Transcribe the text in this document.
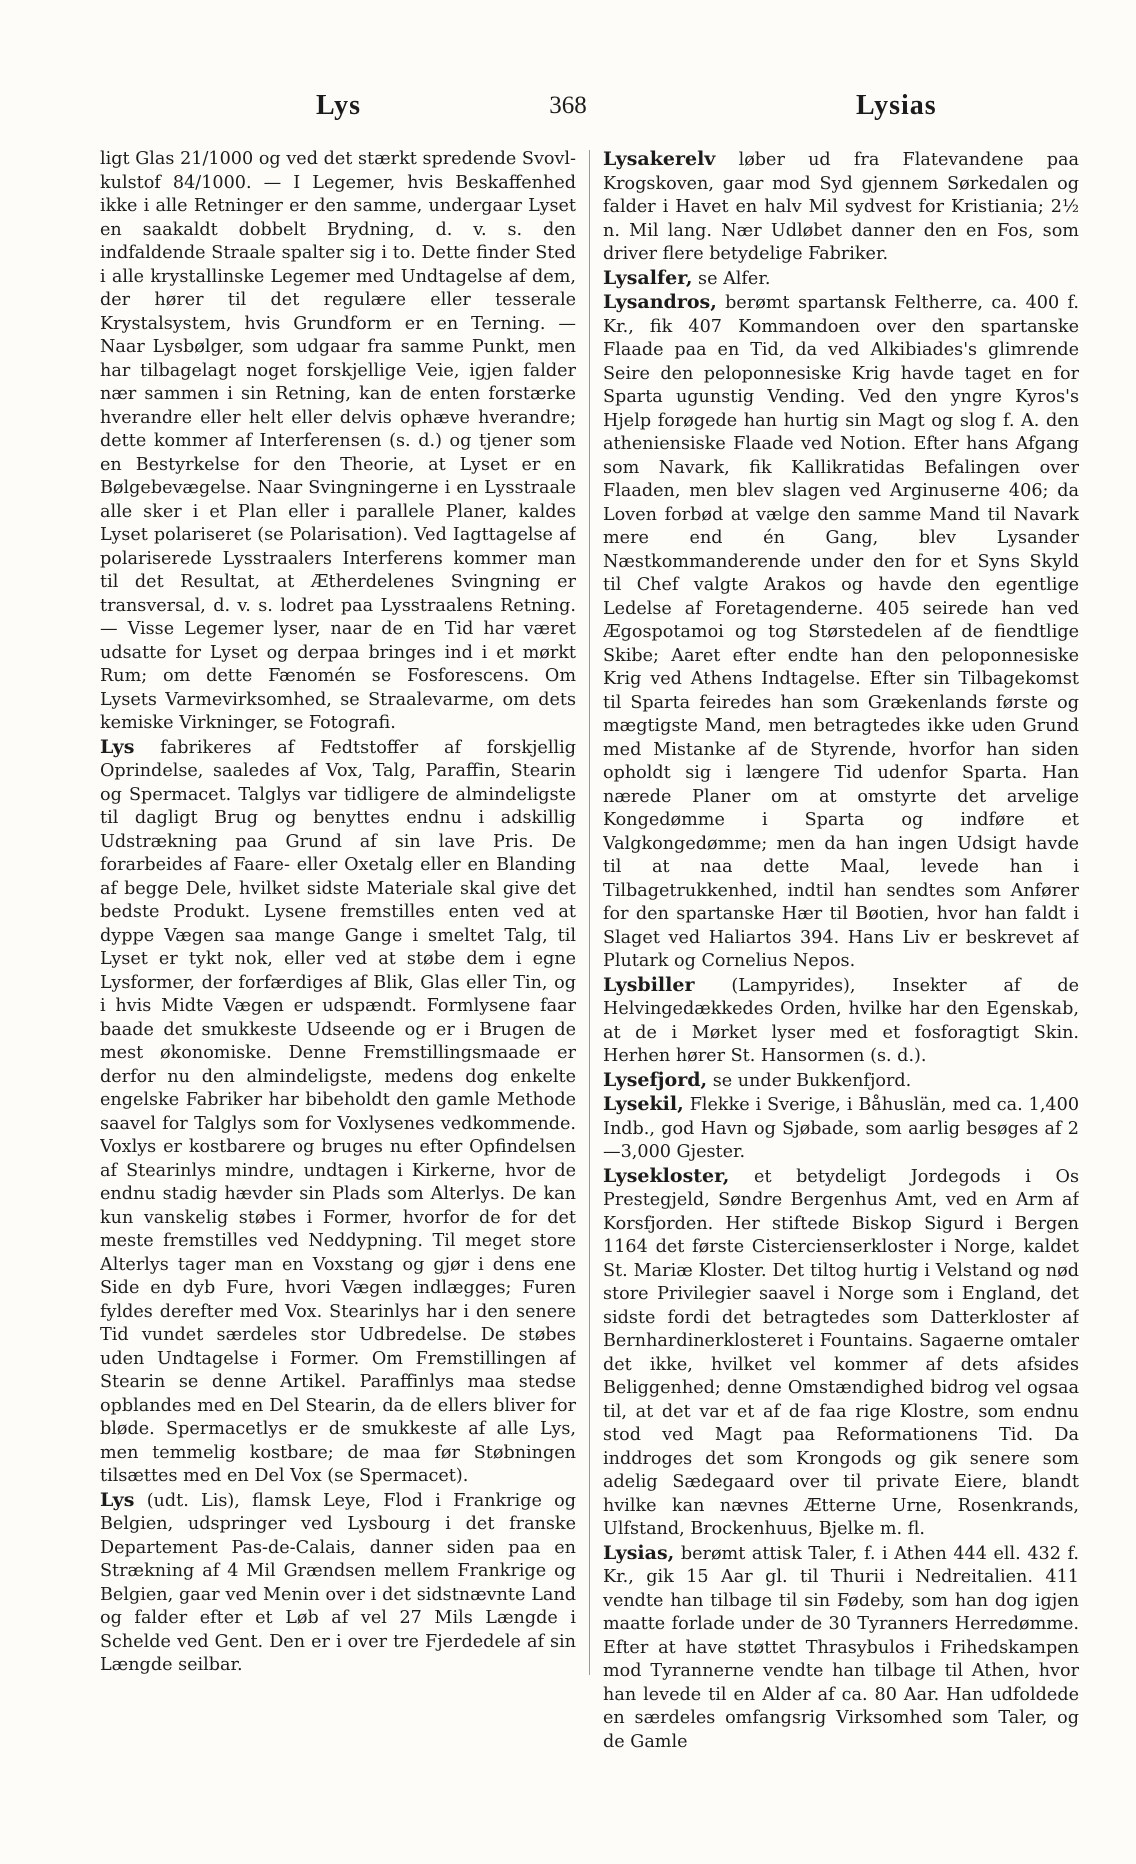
Lys	368	Lysias

ligt Glas 21/1000 og ved det stærkt spredende Svovl-kulstof 84/1000. — I Legemer, hvis Beskaffenhed ikke i alle Retninger er den samme, undergaar Lyset en saakaldt dobbelt Brydning, d. v. s. den indfaldende Straale spalter sig i to. Dette finder Sted i alle krystallinske Legemer med Undtagelse af dem, der hører til det regulære eller tesserale Krystalsystem, hvis Grundform er en Terning. — Naar Lysbølger, som udgaar fra samme Punkt, men har tilbagelagt noget forskjellige Veie, igjen falder nær sammen i sin Retning, kan de enten forstærke hverandre eller helt eller delvis ophæve hverandre; dette kommer af Interferensen (s. d.) og tjener som en Bestyrkelse for den Theorie, at Lyset er en Bølgebevægelse. Naar Svingningerne i en Lysstraale alle sker i et Plan eller i parallele Planer, kaldes Lyset polariseret (se Polarisation). Ved Iagttagelse af polariserede Lysstraalers Interferens kommer man til det Resultat, at Ætherdelenes Svingning er transversal, d. v. s. lodret paa Lysstraalens Retning. — Visse Legemer lyser, naar de en Tid har været udsatte for Lyset og derpaa bringes ind i et mørkt Rum; om dette Fænomén se Fosforescens. Om Lysets Varmevirksomhed, se Straalevarme, om dets kemiske Virkninger, se Fotografi.

Lys fabrikeres af Fedtstoffer af forskjellig Oprindelse, saaledes af Vox, Talg, Paraffin, Stearin og Spermacet. Talglys var tidligere de almindeligste til dagligt Brug og benyttes endnu i adskillig Udstrækning paa Grund af sin lave Pris. De forarbeides af Faare- eller Oxetalg eller en Blanding af begge Dele, hvilket sidste Materiale skal give det bedste Produkt. Lysene fremstilles enten ved at dyppe Vægen saa mange Gange i smeltet Talg, til Lyset er tykt nok, eller ved at støbe dem i egne Lysformer, der forfærdiges af Blik, Glas eller Tin, og i hvis Midte Vægen er udspændt. Formlysene faar baade det smukkeste Udseende og er i Brugen de mest økonomiske. Denne Fremstillingsmaade er derfor nu den almindeligste, medens dog enkelte engelske Fabriker har bibeholdt den gamle Methode saavel for Talglys som for Voxlysenes vedkommende. Voxlys er kostbarere og bruges nu efter Opfindelsen af Stearinlys mindre, undtagen i Kirkerne, hvor de endnu stadig hævder sin Plads som Alterlys. De kan kun vanskelig støbes i Former, hvorfor de for det meste fremstilles ved Neddypning. Til meget store Alterlys tager man en Voxstang og gjør i dens ene Side en dyb Fure, hvori Vægen indlægges; Furen fyldes derefter med Vox. Stearinlys har i den senere Tid vundet særdeles stor Udbredelse. De støbes uden Undtagelse i Former. Om Fremstillingen af Stearin se denne Artikel. Paraffinlys maa stedse opblandes med en Del Stearin, da de ellers bliver for bløde. Spermacetlys er de smukkeste af alle Lys, men temmelig kostbare; de maa før Støbningen tilsættes med en Del Vox (se Spermacet).

Lys (udt. Lis), flamsk Leye, Flod i Frankrige og Belgien, udspringer ved Lysbourg i det franske Departement Pas-de-Calais, danner siden paa en Strækning af 4 Mil Grændsen mellem Frankrige og Belgien, gaar ved Menin over i det sidstnævnte Land og falder efter et Løb af vel 27 Mils Længde i Schelde ved Gent. Den er i over tre Fjerdedele af sin Længde seilbar.

Lysakerelv løber ud fra Flatevandene paa Krogskoven, gaar mod Syd gjennem Sørkedalen og falder i Havet en halv Mil sydvest for Kristiania; 2½ n. Mil lang. Nær Udløbet danner den en Fos, som driver flere betydelige Fabriker.

Lysalfer, se Alfer.

Lysandros, berømt spartansk Feltherre, ca. 400 f. Kr., fik 407 Kommandoen over den spartanske Flaade paa en Tid, da ved Alkibiades's glimrende Seire den peloponnesiske Krig havde taget en for Sparta ugunstig Vending. Ved den yngre Kyros's Hjelp forøgede han hurtig sin Magt og slog f. A. den atheniensiske Flaade ved Notion. Efter hans Afgang som Navark, fik Kallikratidas Befalingen over Flaaden, men blev slagen ved Arginuserne 406; da Loven forbød at vælge den samme Mand til Navark mere end én Gang, blev Lysander Næstkommanderende under den for et Syns Skyld til Chef valgte Arakos og havde den egentlige Ledelse af Foretagenderne. 405 seirede han ved Ægospotamoi og tog Størstedelen af de fiendtlige Skibe; Aaret efter endte han den peloponnesiske Krig ved Athens Indtagelse. Efter sin Tilbagekomst til Sparta feiredes han som Grækenlands første og mægtigste Mand, men betragtedes ikke uden Grund med Mistanke af de Styrende, hvorfor han siden opholdt sig i længere Tid udenfor Sparta. Han nærede Planer om at omstyrte det arvelige Kongedømme i Sparta og indføre et Valgkongedømme; men da han ingen Udsigt havde til at naa dette Maal, levede han i Tilbagetrukkenhed, indtil han sendtes som Anfører for den spartanske Hær til Bøotien, hvor han faldt i Slaget ved Haliartos 394. Hans Liv er beskrevet af Plutark og Cornelius Nepos.

Lysbiller (Lampyrides), Insekter af de Helvingedækkedes Orden, hvilke har den Egenskab, at de i Mørket lyser med et fosforagtigt Skin. Herhen hører St. Hansormen (s. d.).

Lysefjord, se under Bukkenfjord.

Lysekil, Flekke i Sverige, i Båhuslän, med ca. 1,400 Indb., god Havn og Sjøbade, som aarlig besøges af 2—3,000 Gjester.

Lysekloster, et betydeligt Jordegods i Os Prestegjeld, Søndre Bergenhus Amt, ved en Arm af Korsfjorden. Her stiftede Biskop Sigurd i Bergen 1164 det første Cistercienserkloster i Norge, kaldet St. Mariæ Kloster. Det tiltog hurtig i Velstand og nød store Privilegier saavel i Norge som i England, det sidste fordi det betragtedes som Datterkloster af Bernhardinerklosteret i Fountains. Sagaerne omtaler det ikke, hvilket vel kommer af dets afsides Beliggenhed; denne Omstændighed bidrog vel ogsaa til, at det var et af de faa rige Klostre, som endnu stod ved Magt paa Reformationens Tid. Da inddroges det som Krongods og gik senere som adelig Sædegaard over til private Eiere, blandt hvilke kan nævnes Ætterne Urne, Rosenkrands, Ulfstand, Brockenhuus, Bjelke m. fl.

Lysias, berømt attisk Taler, f. i Athen 444 ell. 432 f. Kr., gik 15 Aar gl. til Thurii i Nedreitalien. 411 vendte han tilbage til sin Fødeby, som han dog igjen maatte forlade under de 30 Tyranners Herredømme. Efter at have støttet Thrasybulos i Frihedskampen mod Tyrannerne vendte han tilbage til Athen, hvor han levede til en Alder af ca. 80 Aar. Han udfoldede en særdeles omfangsrig Virksomhed som Taler, og de Gamle
